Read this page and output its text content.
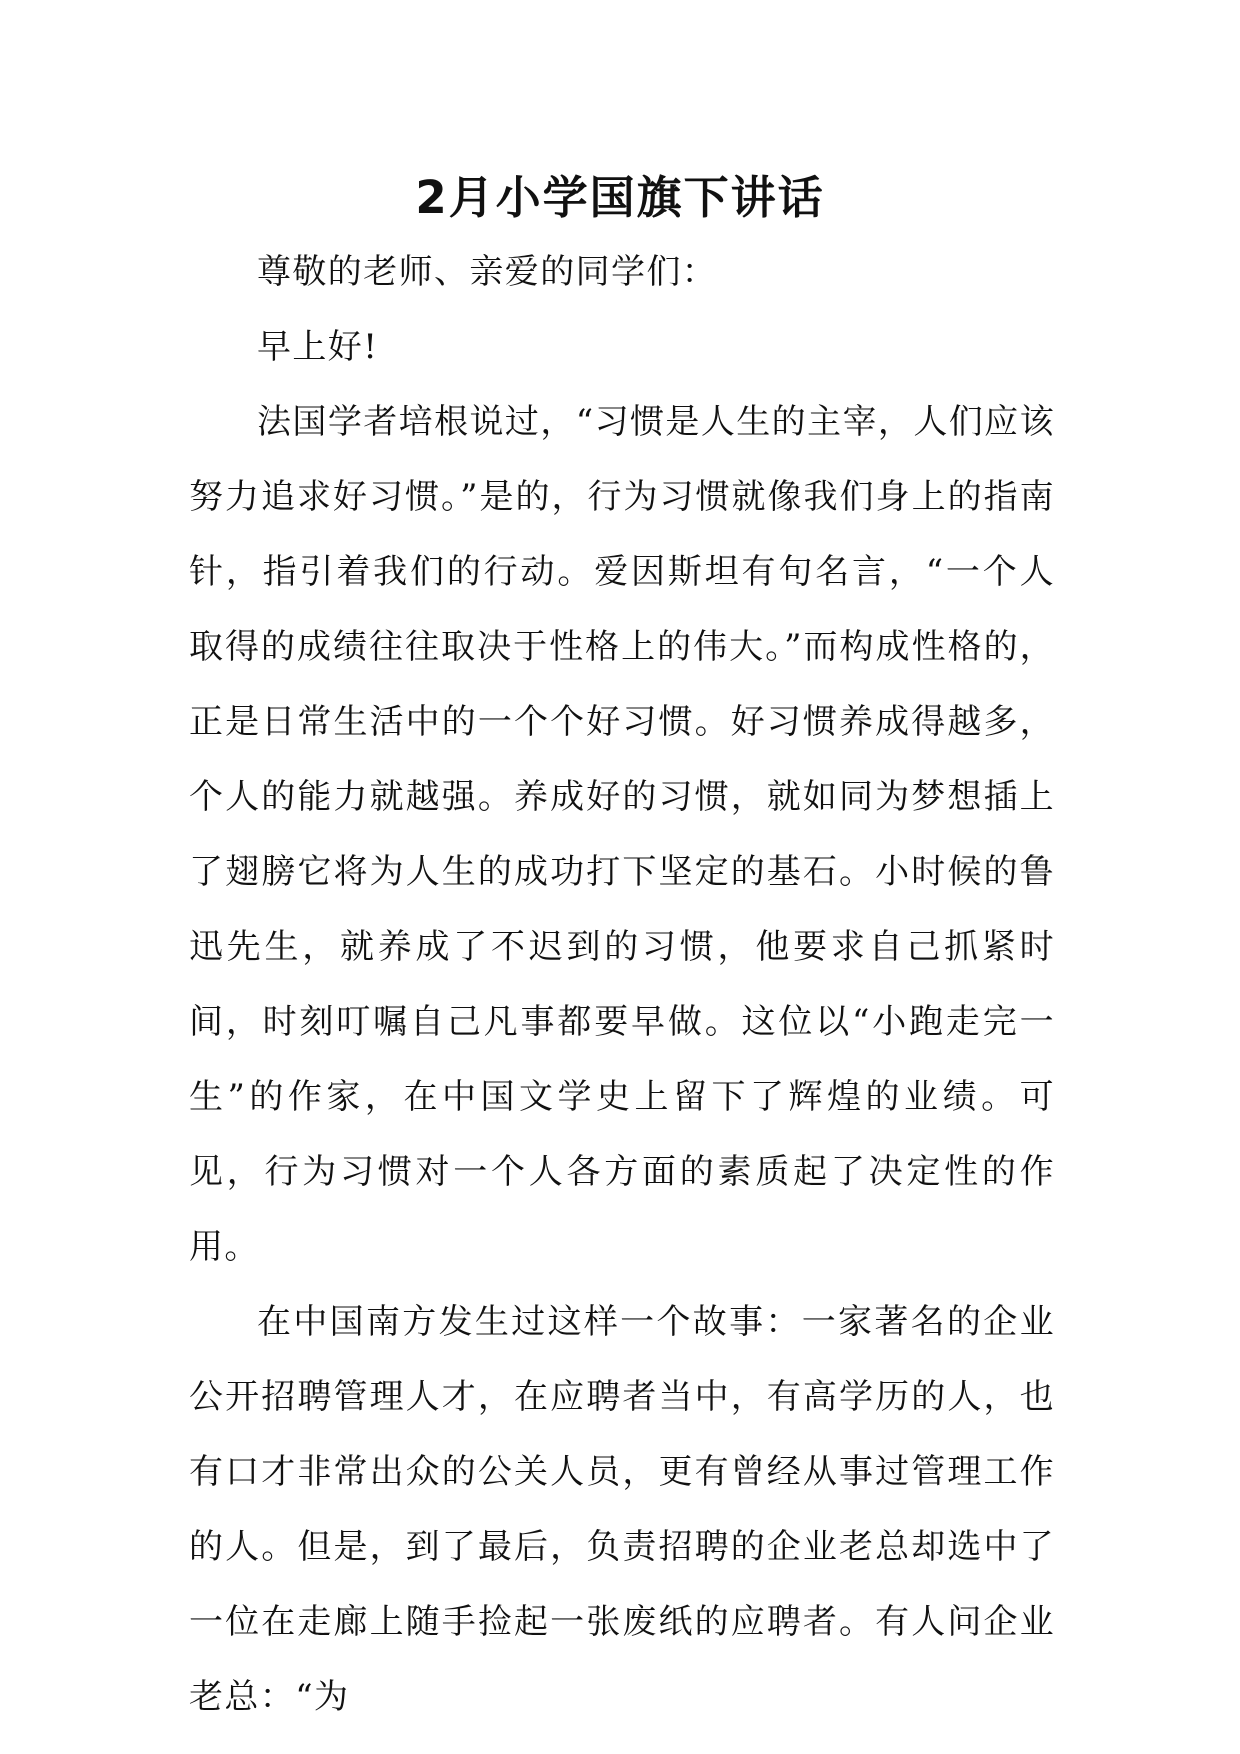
2月小学国旗下讲话

尊敬的老师、亲爱的同学们：

早上好!

法国学者培根说过，“习惯是人生的主宰，人们应该努力追求好习惯。”是的，行为习惯就像我们身上的指南针，指引着我们的行动。爱因斯坦有句名言，“一个人取得的成绩往往取决于性格上的伟大。”而构成性格的，正是日常生活中的一个个好习惯。好习惯养成得越多，个人的能力就越强。养成好的习惯，就如同为梦想插上了翅膀它将为人生的成功打下坚定的基石。小时候的鲁迅先生，就养成了不迟到的习惯，他要求自己抓紧时间，时刻叮嘱自己凡事都要早做。这位以“小跑走完一生”的作家，在中国文学史上留下了辉煌的业绩。可见，行为习惯对一个人各方面的素质起了决定性的作用。

在中国南方发生过这样一个故事：一家著名的企业公开招聘管理人才，在应聘者当中，有高学历的人，也有口才非常出众的公关人员，更有曾经从事过管理工作的人。但是，到了最后，负责招聘的企业老总却选中了一位在走廊上随手捡起一张废纸的应聘者。有人问企业老总：“为
